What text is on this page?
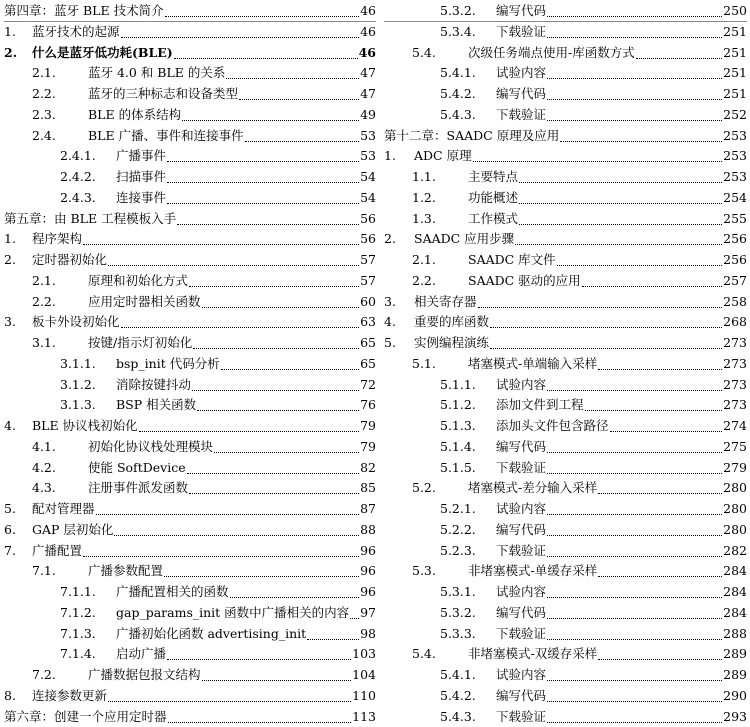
第四章： 蓝牙 BLE 技术简介	46
1.	蓝牙技术的起源	46
2.	什么是蓝牙低功耗(BLE)	46
2.1.	蓝牙 4.0 和 BLE 的关系	47
2.2.	蓝牙的三种标志和设备类型	47
2.3.	BLE 的体系结构	49
2.4.	BLE 广播、事件和连接事件	53
2.4.1.	广播事件	53
2.4.2.	扫描事件	54
2.4.3.	连接事件	54
第五章： 由 BLE 工程模板入手	56
1.	程序架构	56
2.	定时器初始化	57
2.1.	原理和初始化方式	57
2.2.	应用定时器相关函数	60
3.	板卡外设初始化	63
3.1.	按键/指示灯初始化	65
3.1.1.	bsp_init 代码分析	65
3.1.2.	消除按键抖动	72
3.1.3.	BSP 相关函数	76
4.	BLE 协议栈初始化	79
4.1.	初始化协议栈处理模块	79
4.2.	使能 SoftDevice	82
4.3.	注册事件派发函数	85
5.	配对管理器	87
6.	GAP 层初始化	88
7.	广播配置	96
7.1.	广播参数配置	96
7.1.1.	广播配置相关的函数	96
7.1.2.	gap_params_init 函数中广播相关的内容 97
7.1.3.	广播初始化函数 advertising_init	98
7.1.4.	启动广播	103
7.2.	广播数据包报文结构	104
8.	连接参数更新	110
第六章： 创建一个应用定时器	113
5.3.2.	编写代码	250
5.3.4.	下载验证	251
5.4.	次级任务端点使用-库函数方式	251
5.4.1.	试验内容	251
5.4.2.	编写代码	251
5.4.3.	下载验证	252
第十二章： SAADC 原理及应用	253
1.	ADC 原理	253
1.1.	主要特点	253
1.2.	功能概述	254
1.3.	工作模式	255
2.	SAADC 应用步骤	256
2.1.	SAADC 库文件	256
2.2.	SAADC 驱动的应用	257
3.	相关寄存器	258
4.	重要的库函数	268
5.	实例编程演练	273
5.1.	堵塞模式-单端输入采样	273
5.1.1.	试验内容	273
5.1.2.	添加文件到工程	273
5.1.3.	添加头文件包含路径	274
5.1.4.	编写代码	275
5.1.5.	下载验证	279
5.2.	堵塞模式-差分输入采样	280
5.2.1.	试验内容	280
5.2.2.	编写代码	280
5.2.3.	下载验证	282
5.3.	非堵塞模式-单缓存采样	284
5.3.1.	试验内容	284
5.3.2.	编写代码	284
5.3.3.	下载验证	288
5.4.	非堵塞模式-双缓存采样	289
5.4.1.	试验内容	289
5.4.2.	编写代码	290
5.4.3.	下载验证	293
